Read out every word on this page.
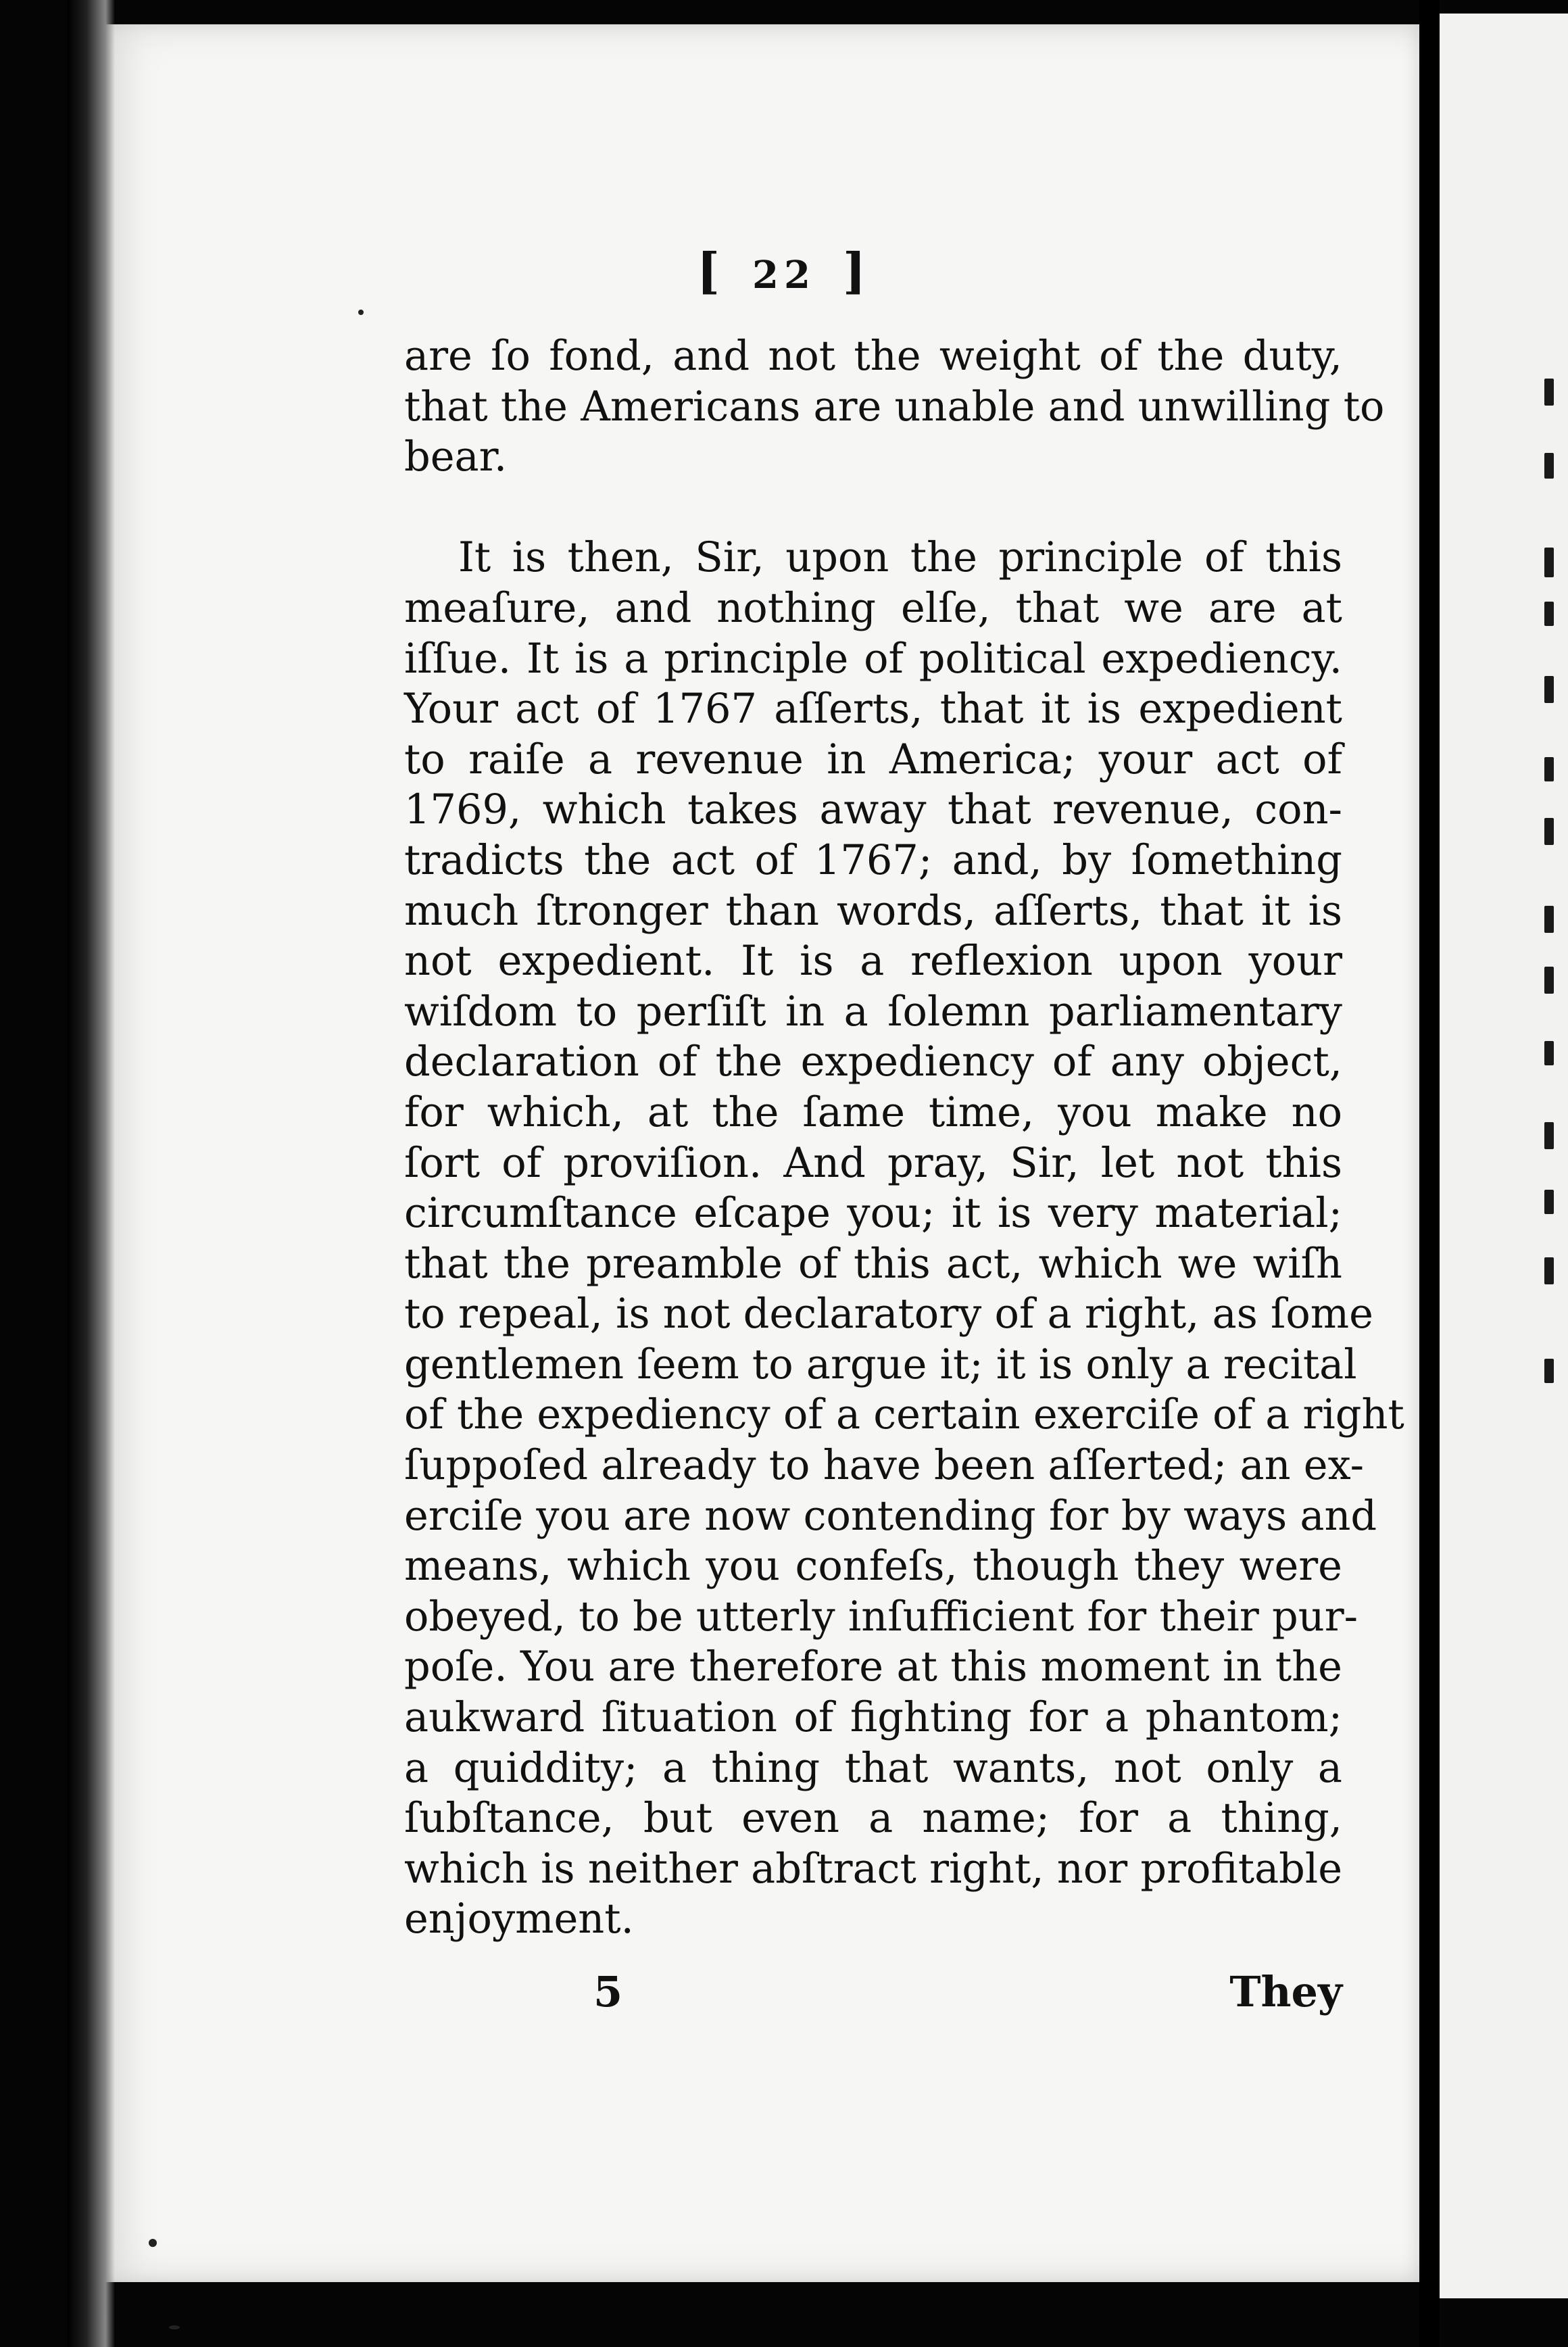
[ 22 ]
are ſo fond, and not the weight of the duty,
that the Americans are unable and unwilling to
bear.
It is then, Sir, upon the principle of this
meaſure, and nothing elſe, that we are at
iſſue. It is a principle of political expediency.
Your act of 1767 aſſerts, that it is expedient
to raiſe a revenue in America; your act of
1769, which takes away that revenue, con-
tradicts the act of 1767; and, by ſomething
much ſtronger than words, aſſerts, that it is
not expedient. It is a reflexion upon your
wiſdom to perſiſt in a ſolemn parliamentary
declaration of the expediency of any object,
for which, at the ſame time, you make no
ſort of proviſion. And pray, Sir, let not this
circumſtance eſcape you; it is very material;
that the preamble of this act, which we wiſh
to repeal, is not declaratory of a right, as ſome
gentlemen ſeem to argue it; it is only a recital
of the expediency of a certain exerciſe of a right
ſuppoſed already to have been aſſerted; an ex-
erciſe you are now contending for by ways and
means, which you confeſs, though they were
obeyed, to be utterly inſufficient for their pur-
poſe. You are therefore at this moment in the
aukward ſituation of fighting for a phantom;
a quiddity; a thing that wants, not only a
ſubſtance, but even a name; for a thing,
which is neither abſtract right, nor profitable
enjoyment.
5	They
